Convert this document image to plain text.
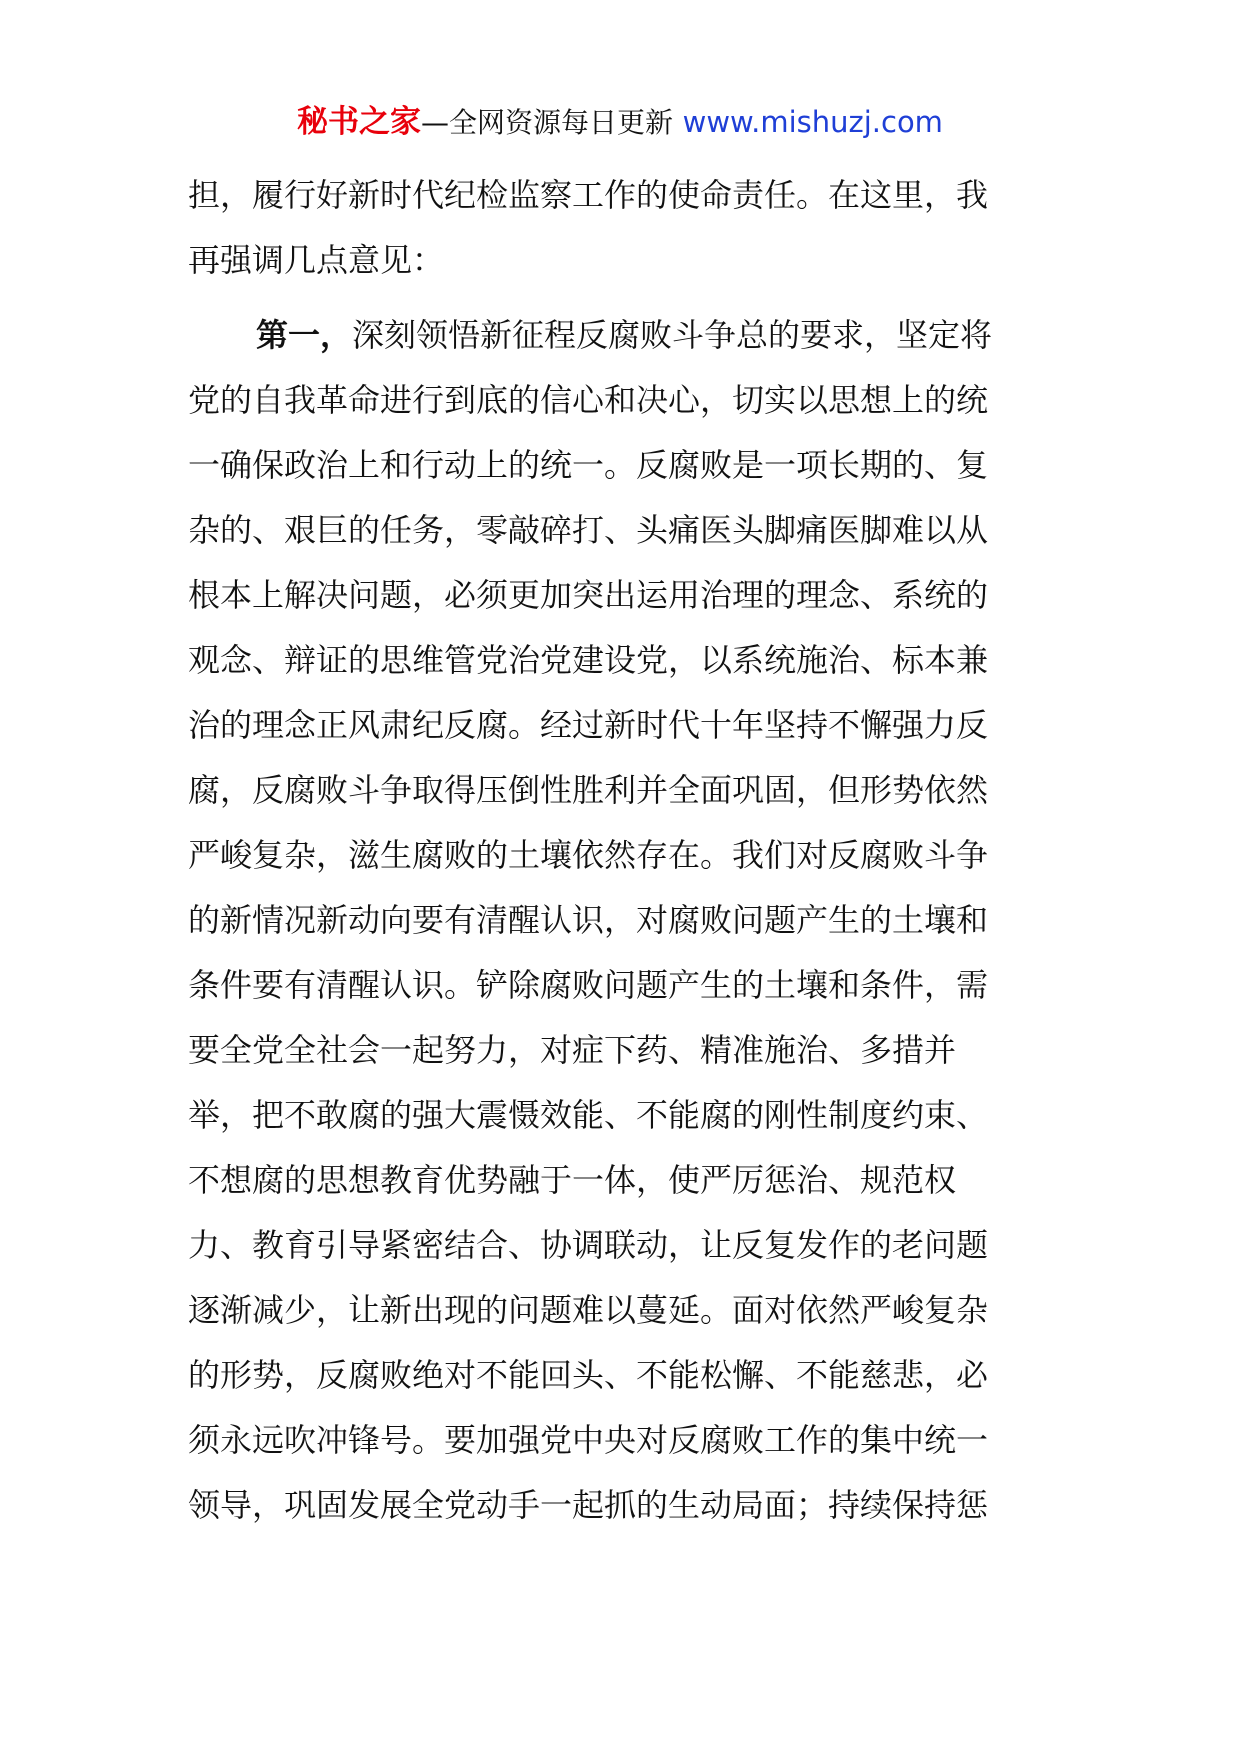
秘书之家—全网资源每日更新 www.mishuzj.com
担，履行好新时代纪检监察工作的使命责任。在这里，我
再强调几点意见：
第一，深刻领悟新征程反腐败斗争总的要求，坚定将
党的自我革命进行到底的信心和决心，切实以思想上的统
一确保政治上和行动上的统一。反腐败是一项长期的、复
杂的、艰巨的任务，零敲碎打、头痛医头脚痛医脚难以从
根本上解决问题，必须更加突出运用治理的理念、系统的
观念、辩证的思维管党治党建设党，以系统施治、标本兼
治的理念正风肃纪反腐。经过新时代十年坚持不懈强力反
腐，反腐败斗争取得压倒性胜利并全面巩固，但形势依然
严峻复杂，滋生腐败的土壤依然存在。我们对反腐败斗争
的新情况新动向要有清醒认识，对腐败问题产生的土壤和
条件要有清醒认识。铲除腐败问题产生的土壤和条件，需
要全党全社会一起努力，对症下药、精准施治、多措并
举，把不敢腐的强大震慑效能、不能腐的刚性制度约束、
不想腐的思想教育优势融于一体，使严厉惩治、规范权
力、教育引导紧密结合、协调联动，让反复发作的老问题
逐渐减少，让新出现的问题难以蔓延。面对依然严峻复杂
的形势，反腐败绝对不能回头、不能松懈、不能慈悲，必
须永远吹冲锋号。要加强党中央对反腐败工作的集中统一
领导，巩固发展全党动手一起抓的生动局面；持续保持惩
